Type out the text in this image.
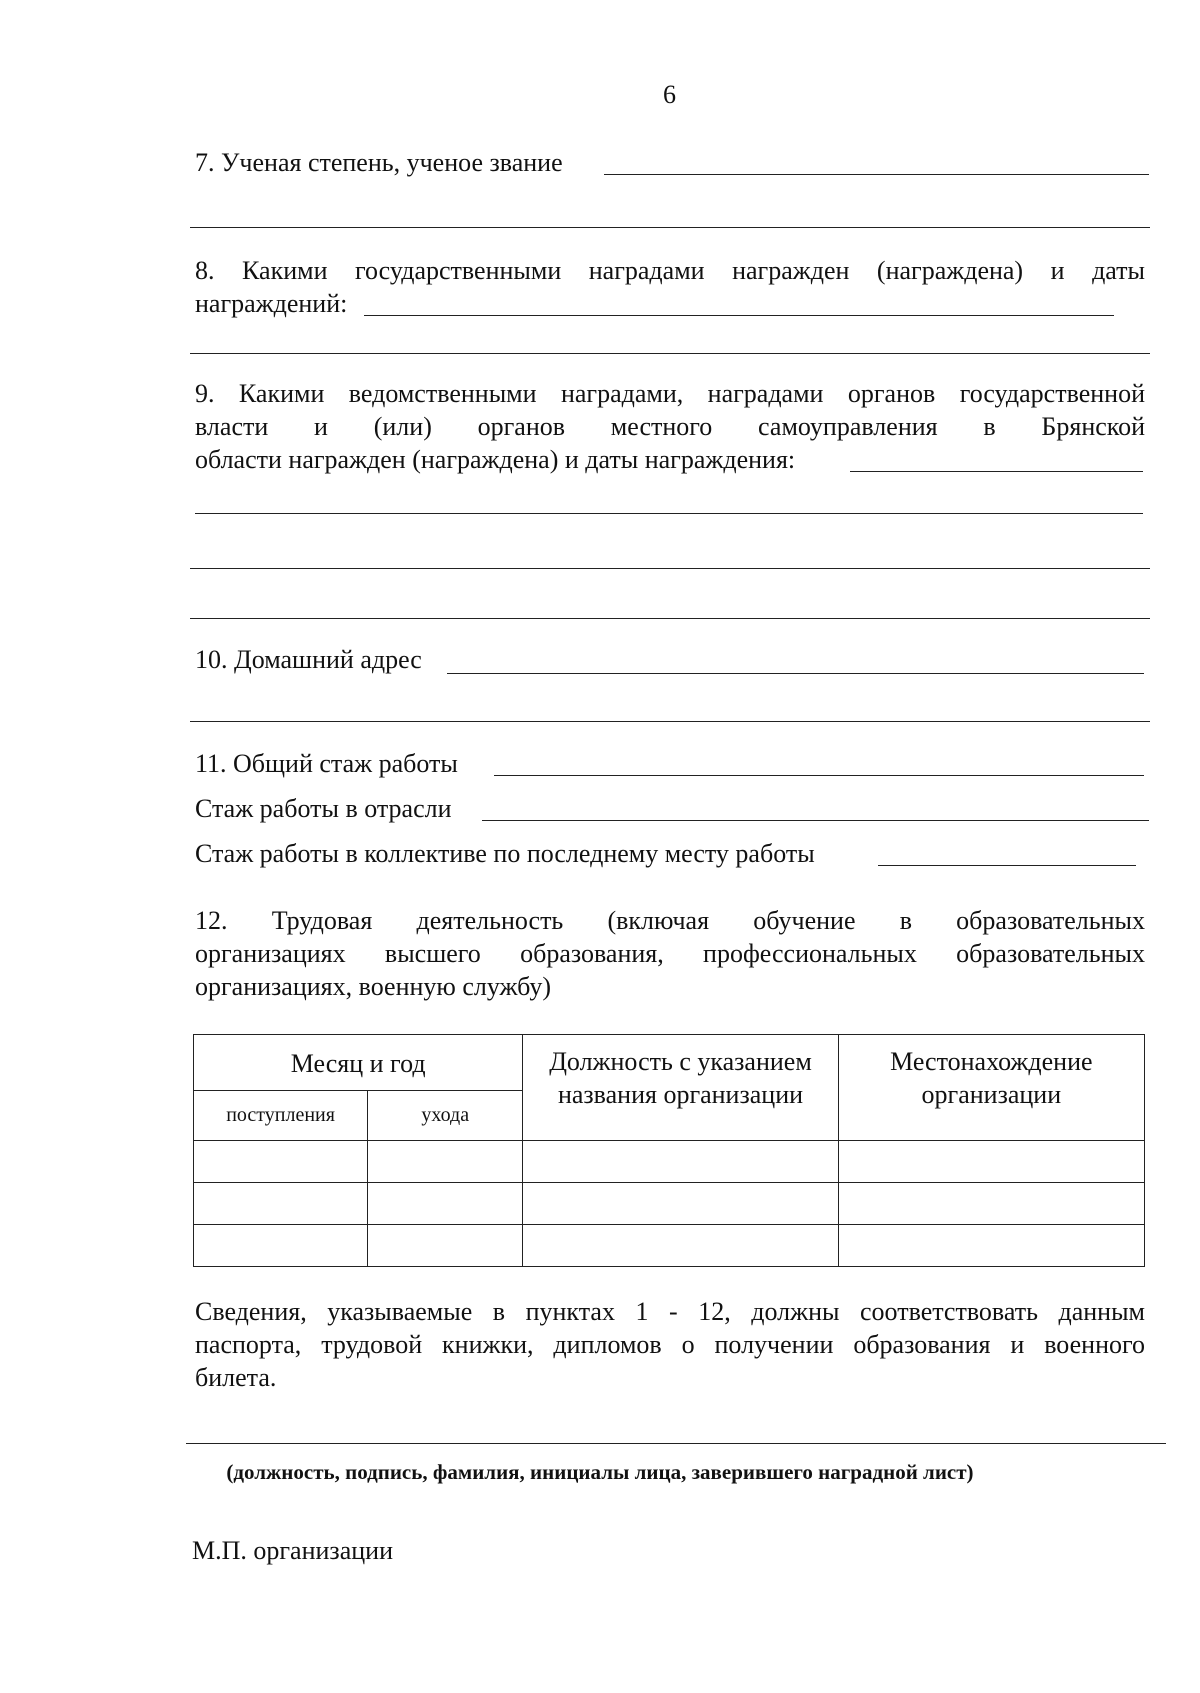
6
7. Ученая степень, ученое звание
8. Какими государственными наградами награжден (награждена) и даты
награждений:
9. Какими ведомственными наградами, наградами органов государственной
власти и (или) органов местного самоуправления в Брянской
области награжден (награждена) и даты награждения:
10. Домашний адрес
11. Общий стаж работы
Стаж работы в отрасли
Стаж работы в коллективе по последнему месту работы
12. Трудовая деятельность (включая обучение в образовательных
организациях высшего образования, профессиональных образовательных
организациях, военную службу)
Месяц и год		Должность с указанием названия организации	Местонахождение организации
поступления	ухода		

Сведения, указываемые в пунктах 1 - 12, должны соответствовать данным
паспорта, трудовой книжки, дипломов о получении образования и военного
билета.
(должность, подпись, фамилия, инициалы лица, заверившего наградной лист)
М.П. организации
